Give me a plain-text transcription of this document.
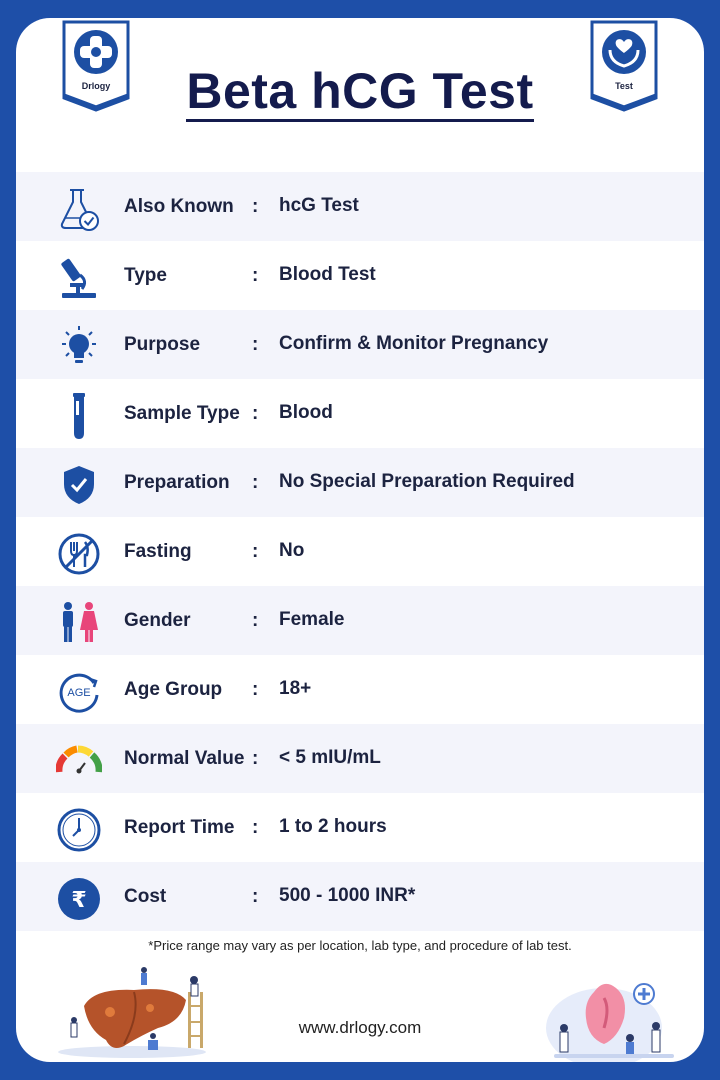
Drlogy	Beta hCG Test	Test
Also Known : hcG Test
Type	: Blood Test
Purpose	: Confirm & Monitor Pregnancy
Sample Type : Blood
Preparation : No Special Preparation Required
Fasting	: No
Gender	: Female
AGE Age Group : 18+
Normal Value : < 5 mIU/mL
Report Time : 1 to 2 hours
₹ Cost	: 500 - 1000 INR*
*Price range may vary as per location, lab type, and procedure of lab test.
www.drlogy.com
